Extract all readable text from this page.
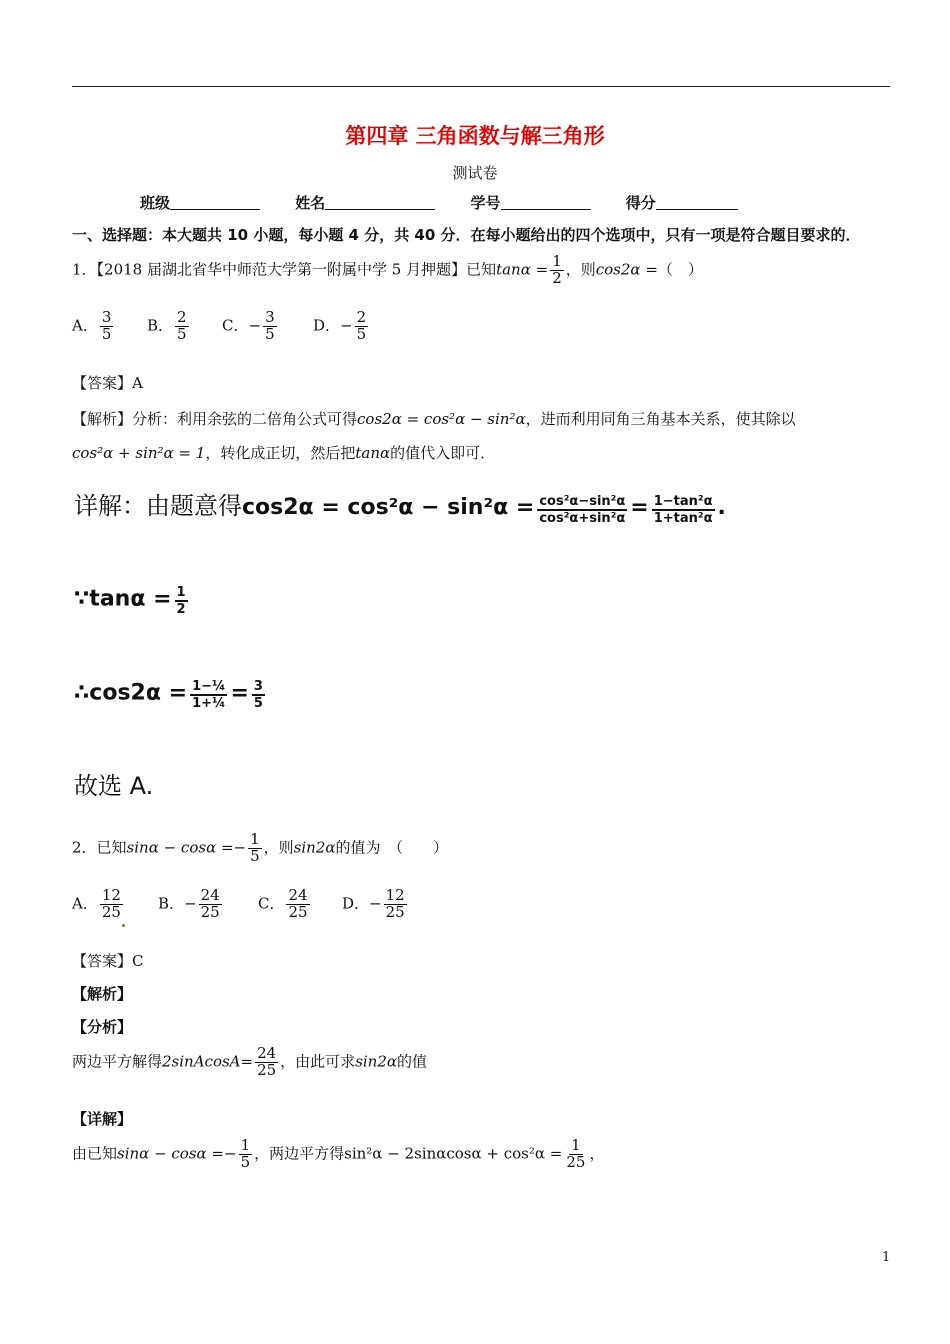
第四章 三角函数与解三角形
测试卷
班级	姓名	学号	得分
一、选择题：本大题共 10 小题，每小题 4 分，共 40 分．在每小题给出的四个选项中，只有一项是符合题目要求的．
1．【2018 届湖北省华中师范大学第一附属中学 5 月押题】已知$\tan\alpha = \frac{1}{2}$ ，则cos2α =（　）
A． $\frac{3}{5}$ B． $\frac{2}{5}$ C．− $\frac{3}{5}$ D．− $\frac{2}{5}$
【答案】A
【解析】分析：利用余弦的二倍角公式可得cos2α = cos²α − sin²α，进而利用同角三角基本关系，使其除以
cos²α + sin²α = 1，转化成正切，然后把tanα的值代入即可．
详解：由题意得$\cos 2\alpha = \cos^2\alpha - \sin^2\alpha = \frac{\text{cos²α−sin²α}}{\text{cos²α+sin²α}} = \frac{\text{1−tan²α}}{\text{1+tan²α}}$ .
∵tanα = $\frac{1}{2}$
∴cos2α = $\frac{\text{1−¼}}{\text{1+¼}} = \frac{3}{5}$
故选 A.
2．已知$\sin\alpha - \cos\alpha =- \frac{1}{5}$ ，则sin2α的值为　（　　）
A． $\frac{12}{25}$ B．− $\frac{24}{25}$ C． $\frac{24}{25}$ D．− $\frac{12}{25}$
【答案】C
【解析】
【分析】
两边平方解得2sinAcosA= $\frac{24}{25}$ ，由此可求sin2α的值
【详解】
由已知$\sin\alpha - \cos\alpha =- \frac{1}{5}$ ，两边平方得$\sin^2\alpha - 2\sin\alpha\cos\alpha + \cos^2\alpha = \frac{1}{25}$ ，
1
